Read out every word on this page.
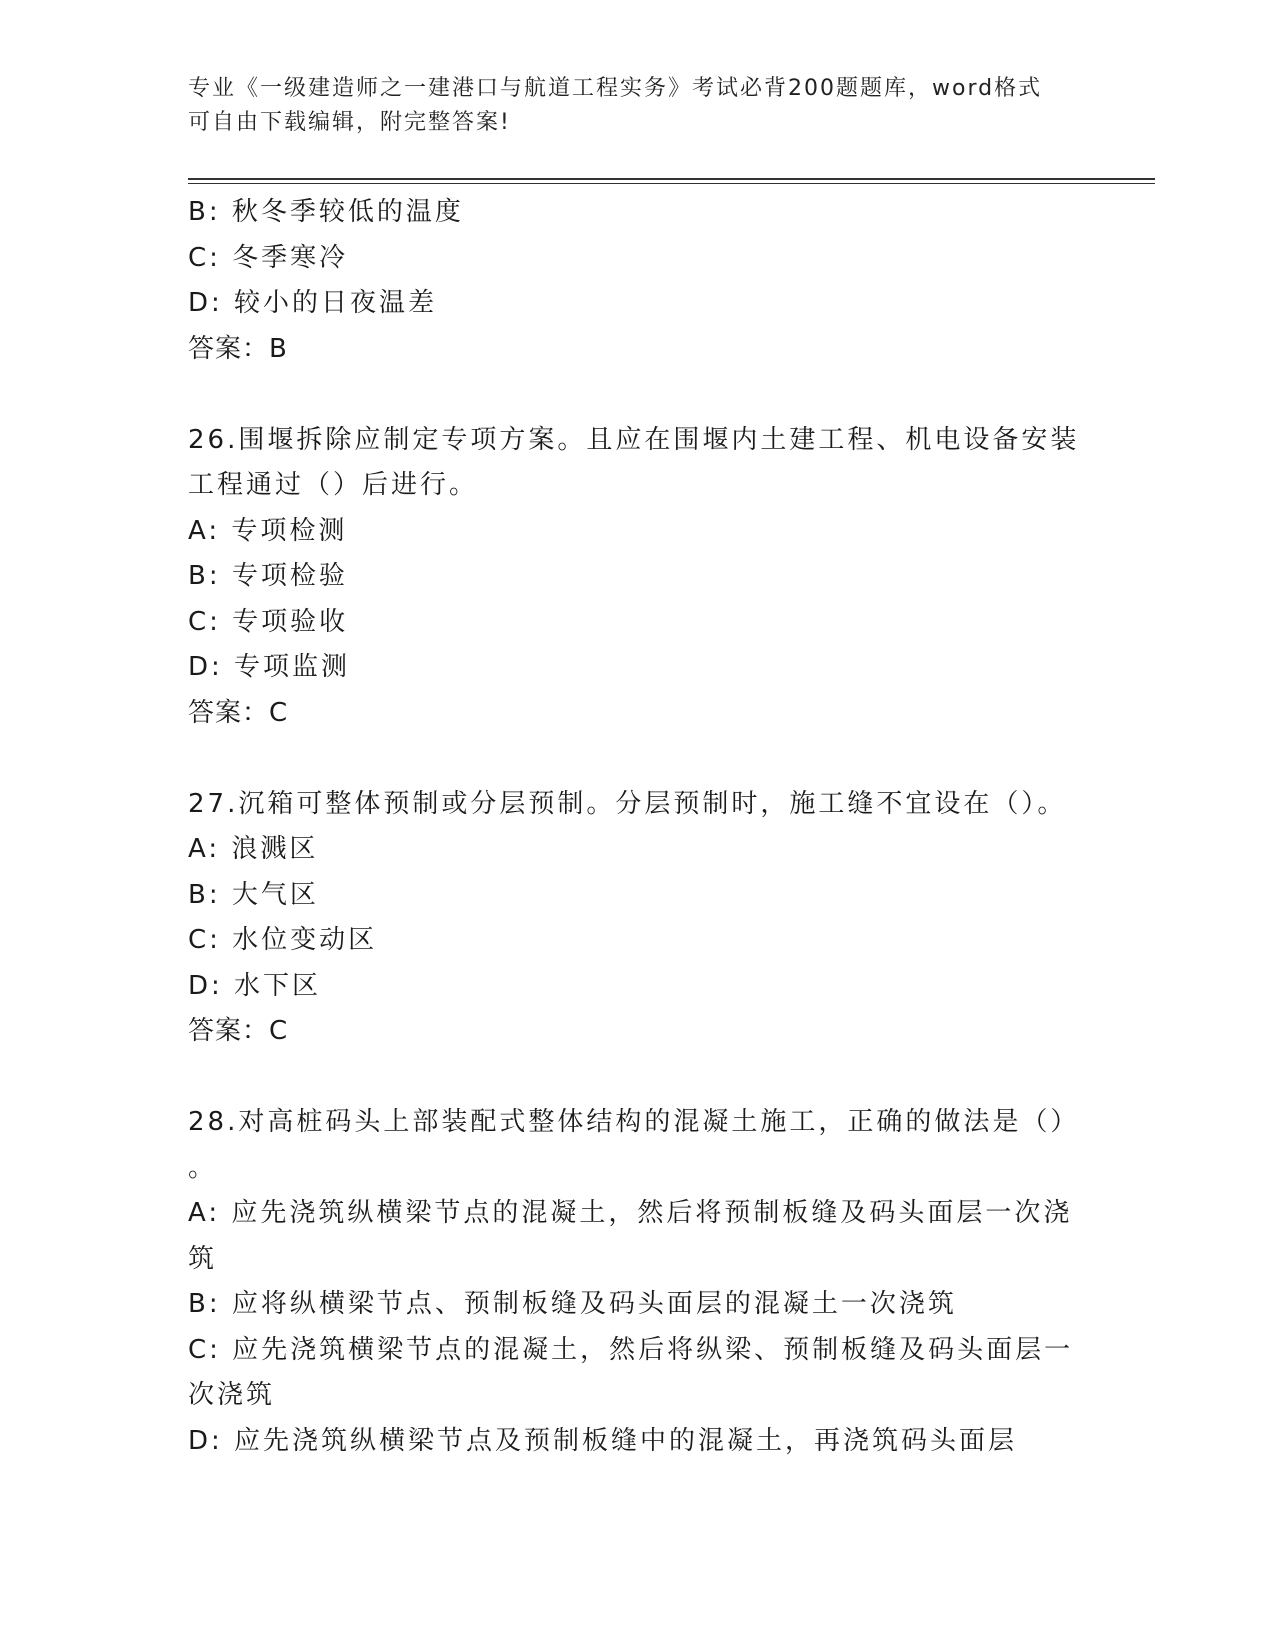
专业《一级建造师之一建港口与航道工程实务》考试必背200题题库，word格式
可自由下载编辑，附完整答案!
B: 秋冬季较低的温度
C: 冬季寒冷
D: 较小的日夜温差
答案：B
26.围堰拆除应制定专项方案。且应在围堰内土建工程、机电设备安装
工程通过（）后进行。
A: 专项检测
B: 专项检验
C: 专项验收
D: 专项监测
答案：C
27.沉箱可整体预制或分层预制。分层预制时，施工缝不宜设在（）。
A: 浪溅区
B: 大气区
C: 水位变动区
D: 水下区
答案：C
28.对高桩码头上部装配式整体结构的混凝土施工，正确的做法是（）
。
A: 应先浇筑纵横梁节点的混凝土，然后将预制板缝及码头面层一次浇
筑
B: 应将纵横梁节点、预制板缝及码头面层的混凝土一次浇筑
C: 应先浇筑横梁节点的混凝土，然后将纵梁、预制板缝及码头面层一
次浇筑
D: 应先浇筑纵横梁节点及预制板缝中的混凝土，再浇筑码头面层
